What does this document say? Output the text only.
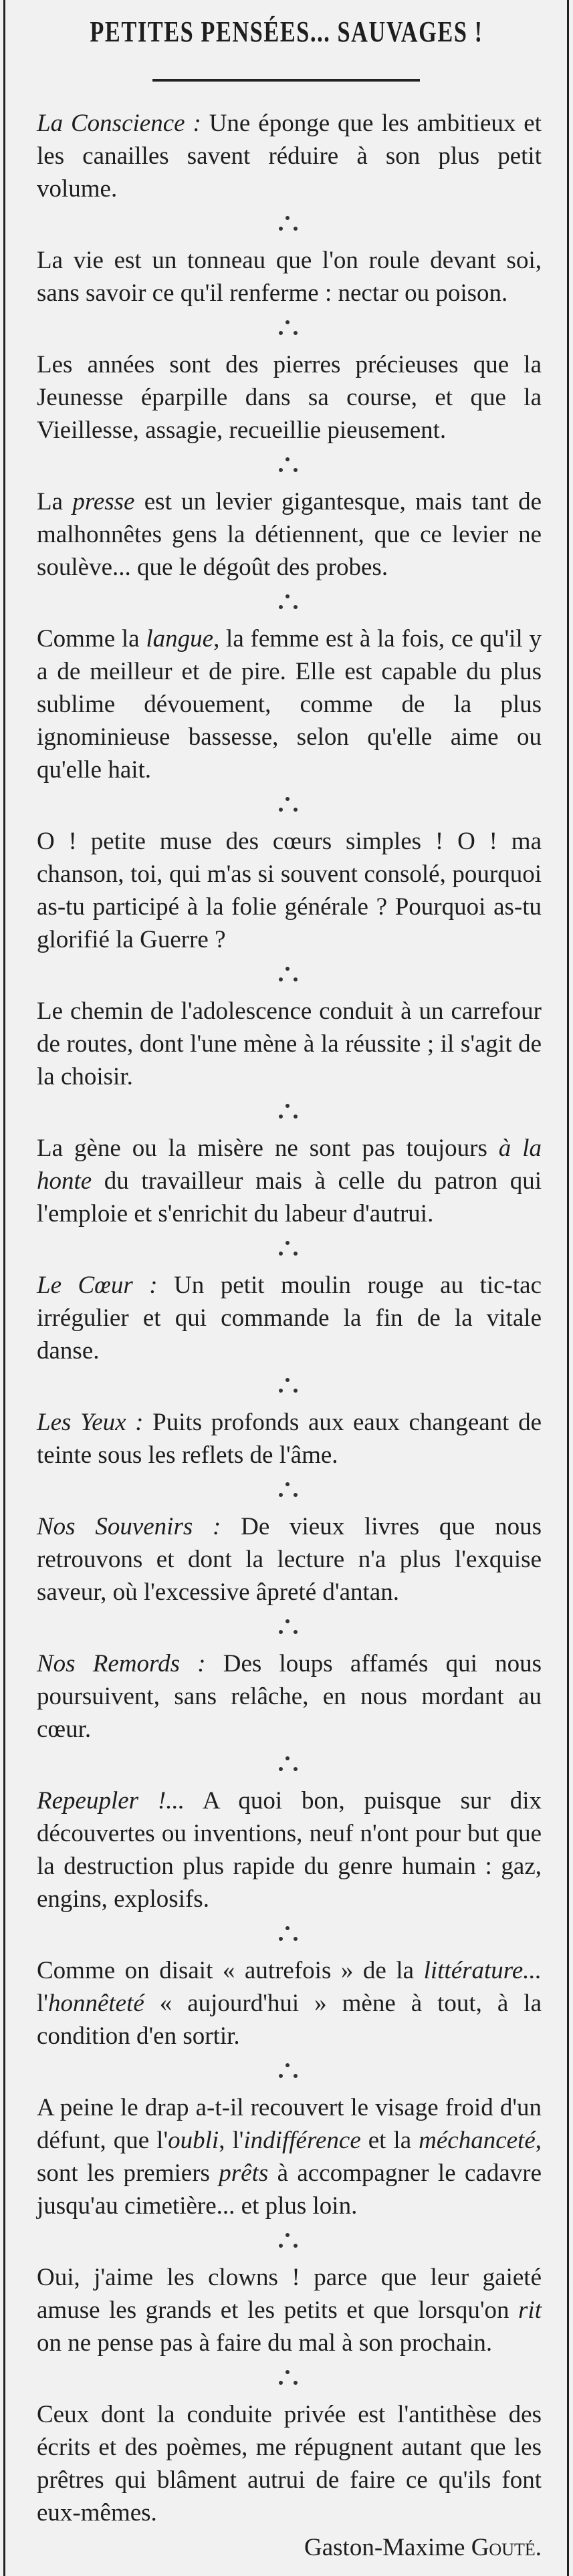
PETITES PENSÉES... SAUVAGES !

La Conscience : Une éponge que les ambitieux et les canailles savent réduire à son plus petit volume.

La vie est un tonneau que l'on roule devant soi, sans savoir ce qu'il renferme : nectar ou poison.

Les années sont des pierres précieuses que la Jeunesse éparpille dans sa course, et que la Vieillesse, assagie, recueillie pieusement.

La presse est un levier gigantesque, mais tant de malhonnêtes gens la détiennent, que ce levier ne soulève... que le dégoût des probes.

Comme la langue, la femme est à la fois, ce qu'il y a de meilleur et de pire. Elle est capable du plus sublime dévouement, comme de la plus ignominieuse bassesse, selon qu'elle aime ou qu'elle hait.

O ! petite muse des cœurs simples ! O ! ma chanson, toi, qui m'as si souvent consolé, pourquoi as-tu participé à la folie générale ? Pourquoi as-tu glorifié la Guerre ?

Le chemin de l'adolescence conduit à un carrefour de routes, dont l'une mène à la réussite ; il s'agit de la choisir.

La gène ou la misère ne sont pas toujours à la honte du travailleur mais à celle du patron qui l'emploie et s'enrichit du labeur d'autrui.

Le Cœur : Un petit moulin rouge au tic-tac irrégulier et qui commande la fin de la vitale danse.

Les Yeux : Puits profonds aux eaux changeant de teinte sous les reflets de l'âme.

Nos Souvenirs : De vieux livres que nous retrouvons et dont la lecture n'a plus l'exquise saveur, où l'excessive âpreté d'antan.

Nos Remords : Des loups affamés qui nous poursuivent, sans relâche, en nous mordant au cœur.

Repeupler !... A quoi bon, puisque sur dix découvertes ou inventions, neuf n'ont pour but que la destruction plus rapide du genre humain : gaz, engins, explosifs.

Comme on disait « autrefois » de la littérature... l'honnêteté « aujourd'hui » mène à tout, à la condition d'en sortir.

A peine le drap a-t-il recouvert le visage froid d'un défunt, que l'oubli, l'indifférence et la méchanceté, sont les premiers prêts à accompagner le cadavre jusqu'au cimetière... et plus loin.

Oui, j'aime les clowns ! parce que leur gaieté amuse les grands et les petits et que lorsqu'on rit on ne pense pas à faire du mal à son prochain.

Ceux dont la conduite privée est l'antithèse des écrits et des poèmes, me répugnent autant que les prêtres qui blâment autrui de faire ce qu'ils font eux-mêmes.

Gaston-Maxime Gouté.
